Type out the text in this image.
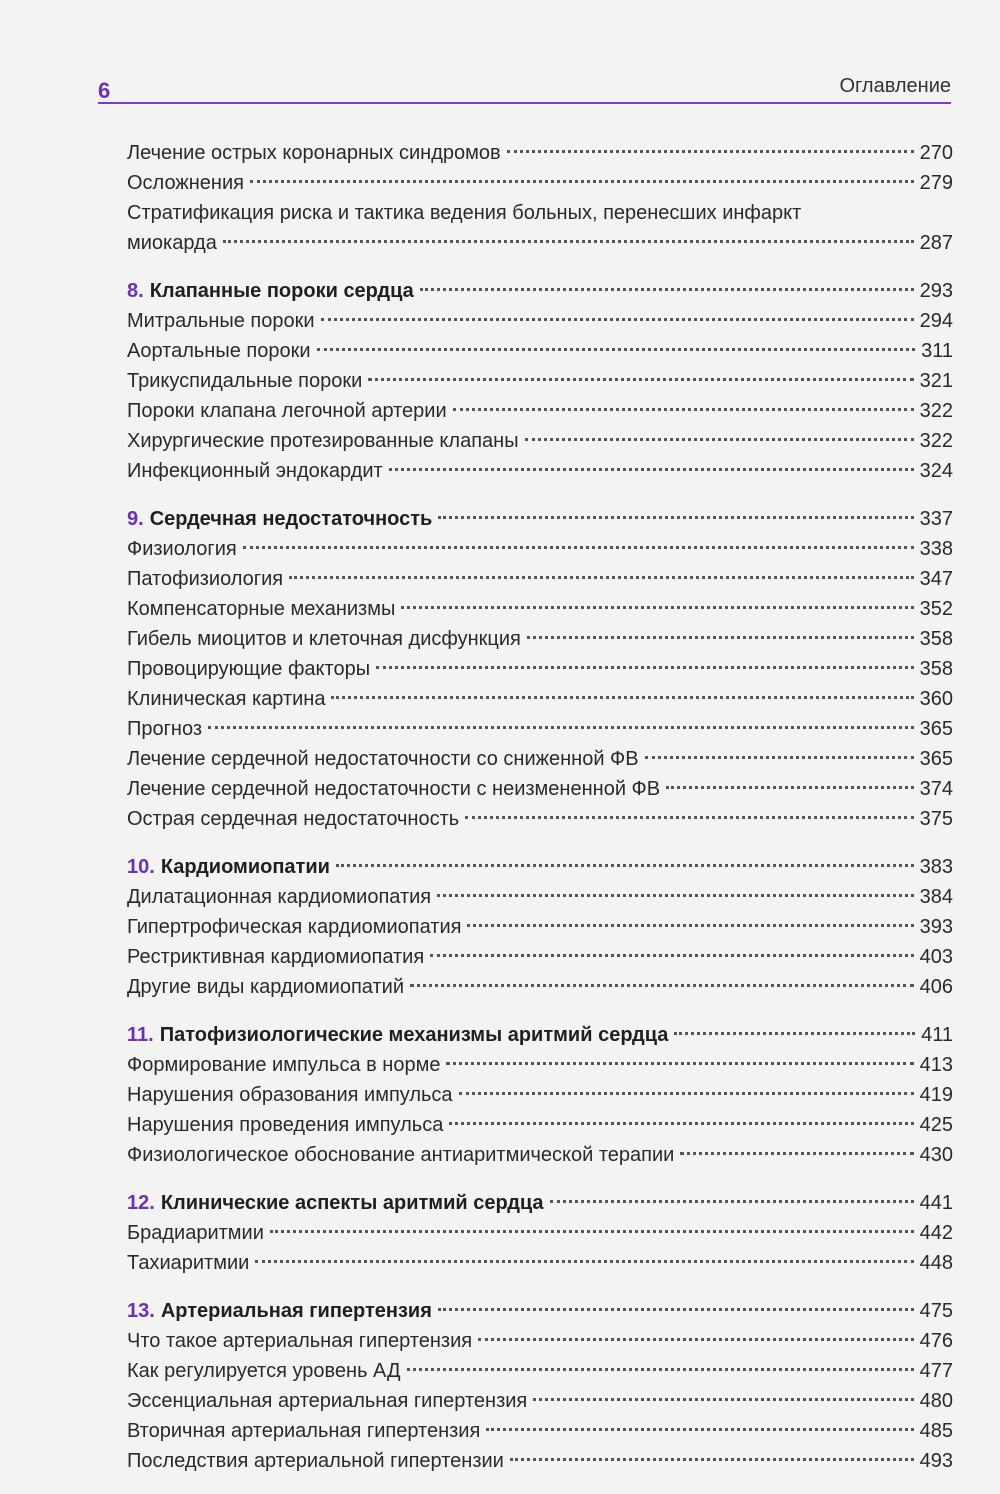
6	Оглавление
Лечение острых коронарных синдромов	270
Осложнения	279
Стратификация риска и тактика ведения больных, перенесших инфаркт
миокарда	287
8. Клапанные пороки сердца	293
Митральные пороки	294
Аортальные пороки	311
Трикуспидальные пороки	321
Пороки клапана легочной артерии	322
Хирургические протезированные клапаны	322
Инфекционный эндокардит	324
9. Сердечная недостаточность	337
Физиология	338
Патофизиология	347
Компенсаторные механизмы	352
Гибель миоцитов и клеточная дисфункция	358
Провоцирующие факторы	358
Клиническая картина	360
Прогноз	365
Лечение сердечной недостаточности со сниженной ФВ	365
Лечение сердечной недостаточности с неизмененной ФВ	374
Острая сердечная недостаточность	375
10. Кардиомиопатии	383
Дилатационная кардиомиопатия	384
Гипертрофическая кардиомиопатия	393
Рестриктивная кардиомиопатия	403
Другие виды кардиомиопатий	406
11. Патофизиологические механизмы аритмий сердца	411
Формирование импульса в норме	413
Нарушения образования импульса	419
Нарушения проведения импульса	425
Физиологическое обоснование антиаритмической терапии	430
12. Клинические аспекты аритмий сердца	441
Брадиаритмии	442
Тахиаритмии	448
13. Артериальная гипертензия	475
Что такое артериальная гипертензия	476
Как регулируется уровень АД	477
Эссенциальная артериальная гипертензия	480
Вторичная артериальная гипертензия	485
Последствия артериальной гипертензии	493
